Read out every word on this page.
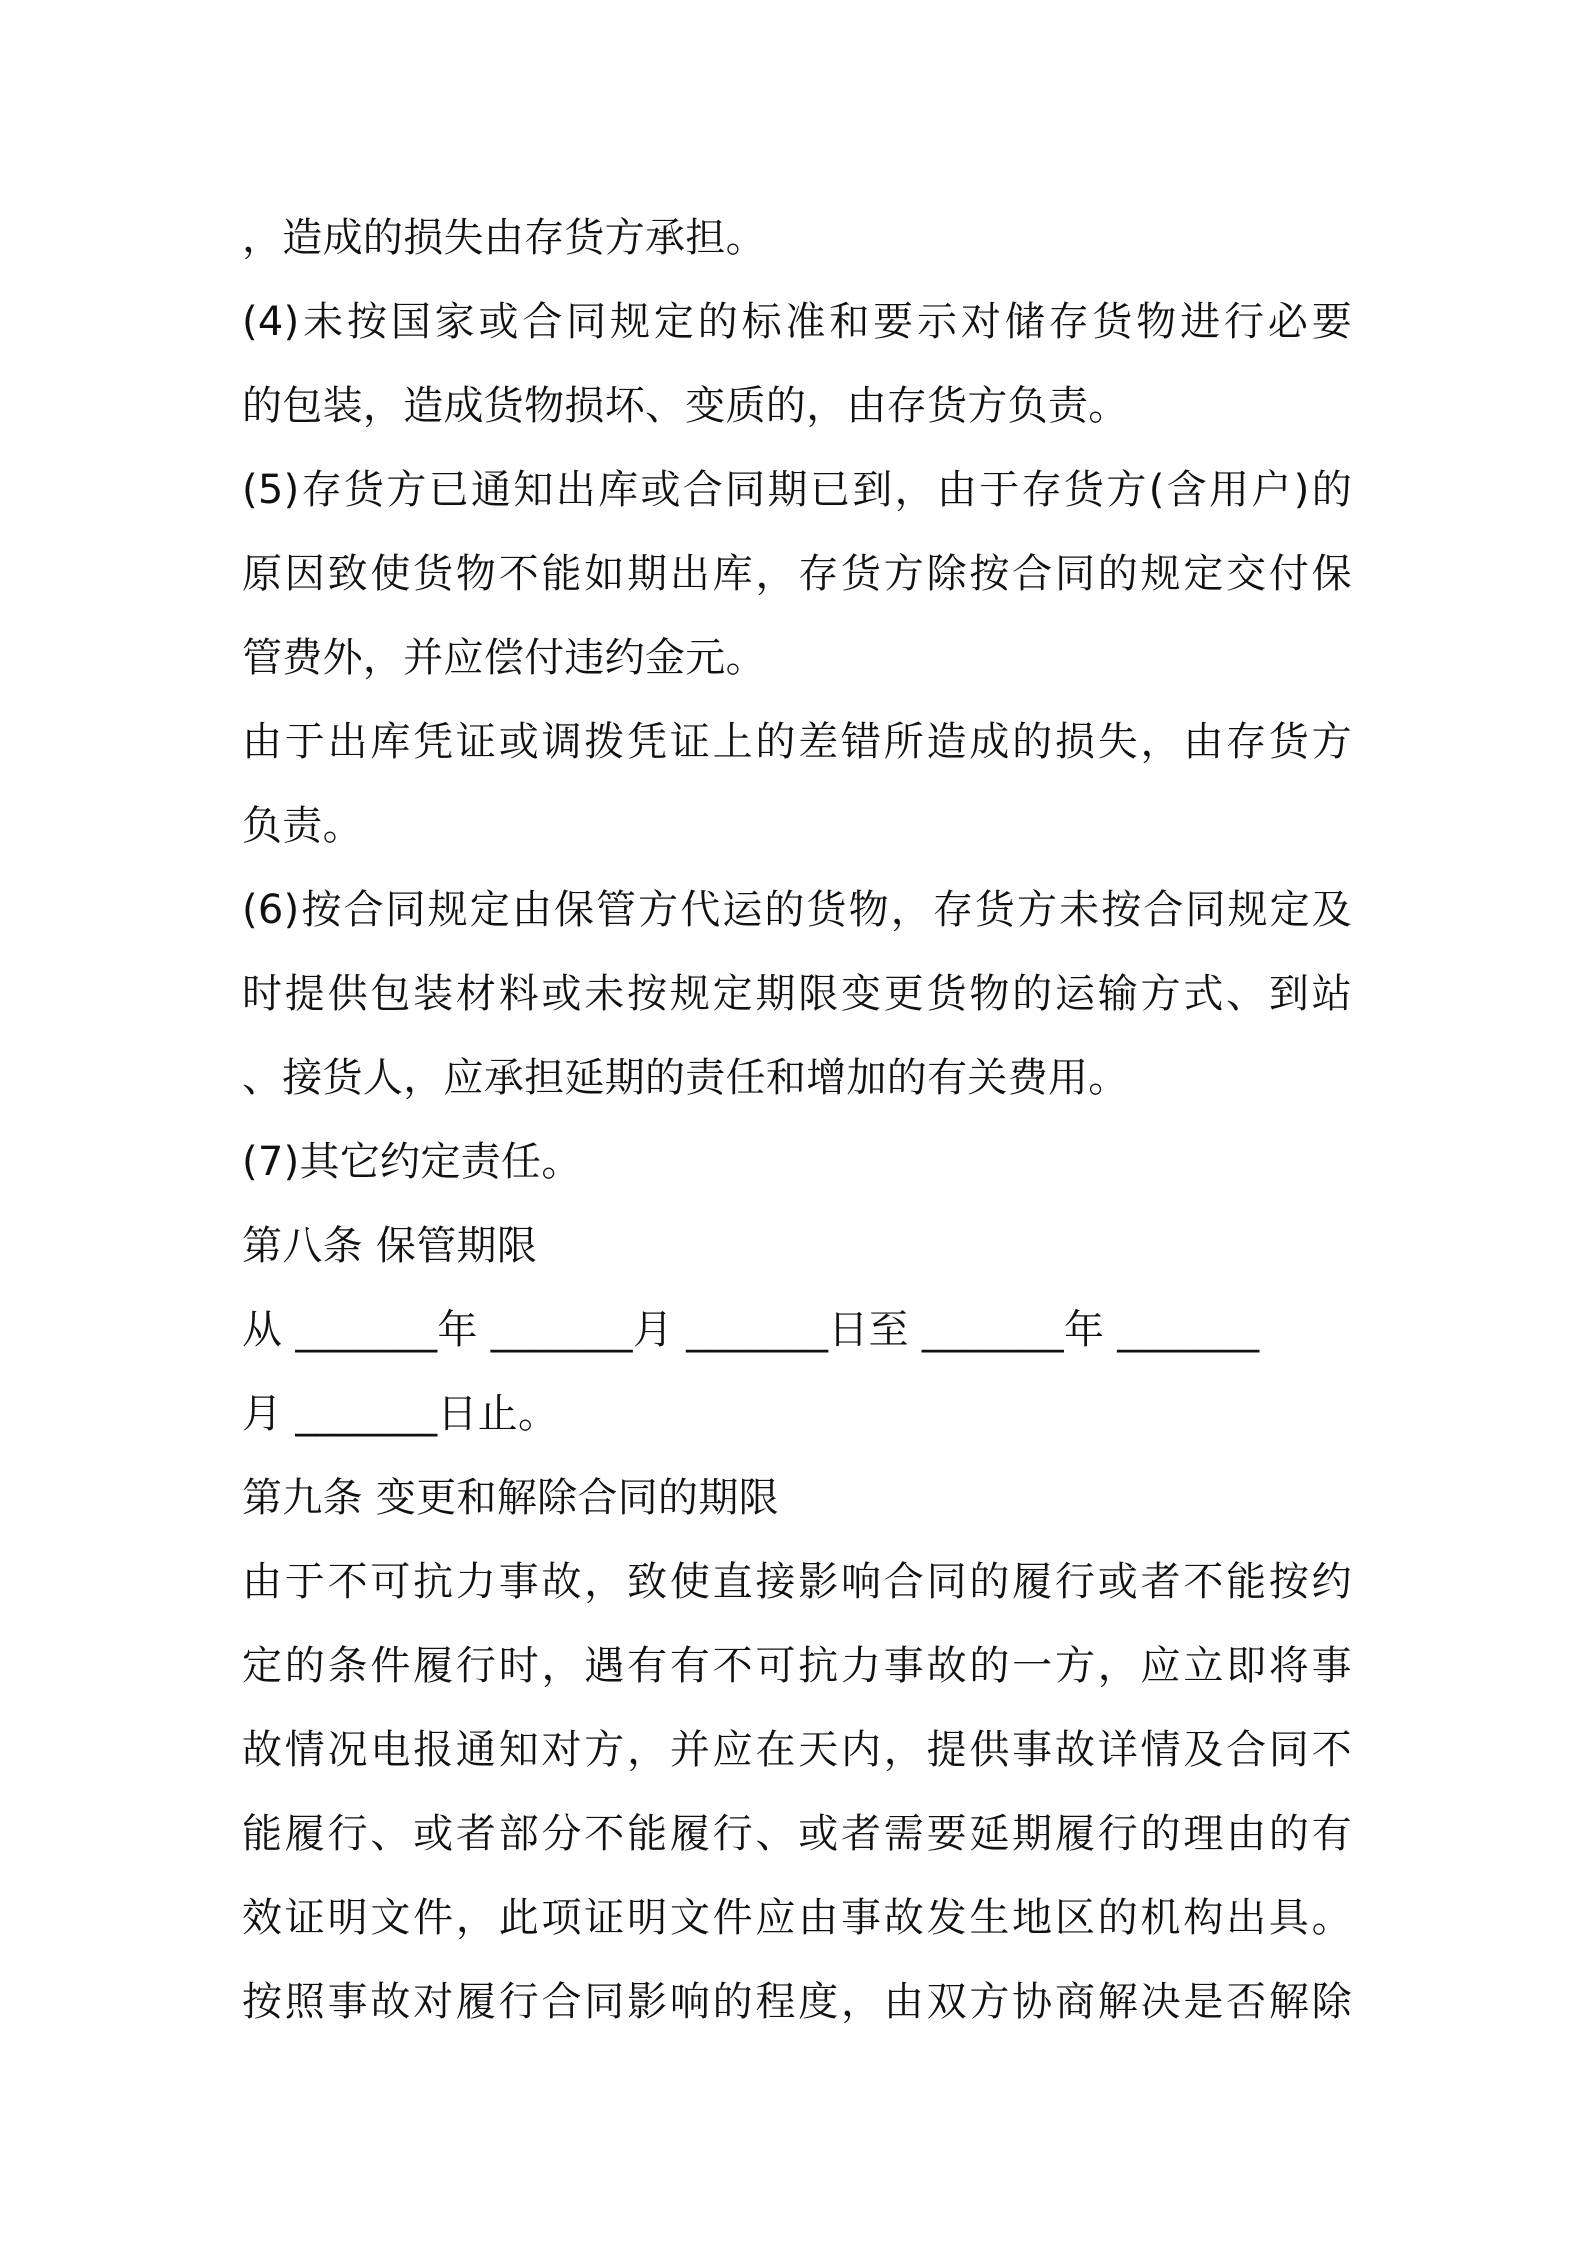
，造成的损失由存货方承担。
(4)未按国家或合同规定的标准和要示对储存货物进行必要
的包装，造成货物损坏、变质的，由存货方负责。
(5)存货方已通知出库或合同期已到，由于存货方(含用户)的
原因致使货物不能如期出库，存货方除按合同的规定交付保
管费外，并应偿付违约金元。
由于出库凭证或调拨凭证上的差错所造成的损失，由存货方
负责。
(6)按合同规定由保管方代运的货物，存货方未按合同规定及
时提供包装材料或未按规定期限变更货物的运输方式、到站
、接货人，应承担延期的责任和增加的有关费用。
(7)其它约定责任。
第八条 保管期限
从 _______年 _______月 _______日至 _______年 _______
月 _______日止。
第九条 变更和解除合同的期限
由于不可抗力事故，致使直接影响合同的履行或者不能按约
定的条件履行时，遇有有不可抗力事故的一方，应立即将事
故情况电报通知对方，并应在天内，提供事故详情及合同不
能履行、或者部分不能履行、或者需要延期履行的理由的有
效证明文件，此项证明文件应由事故发生地区的机构出具。
按照事故对履行合同影响的程度，由双方协商解决是否解除
